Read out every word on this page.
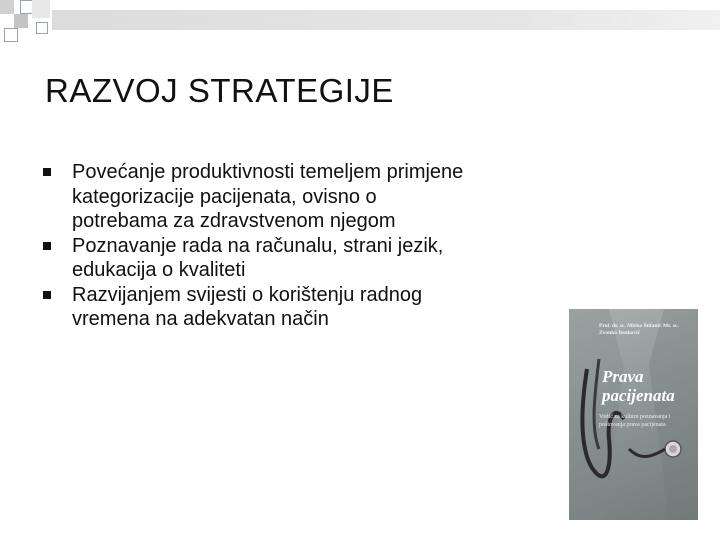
RAZVOJ STRATEGIJE
Povećanje produktivnosti temeljem primjene kategorizacije pacijenata, ovisno o potrebama za zdravstvenom njegom
Poznavanje rada na računalu, strani jezik, edukacija o kvaliteti
Razvijanjem svijesti o korištenju radnog vremena na adekvatan način	Prof. dr. sc. Mirko Štifanić Mr. sc. Zvonko Benković
Prava pacijenata
Vodič za kulturu poznavanja i poštovanja prava pacijenata
